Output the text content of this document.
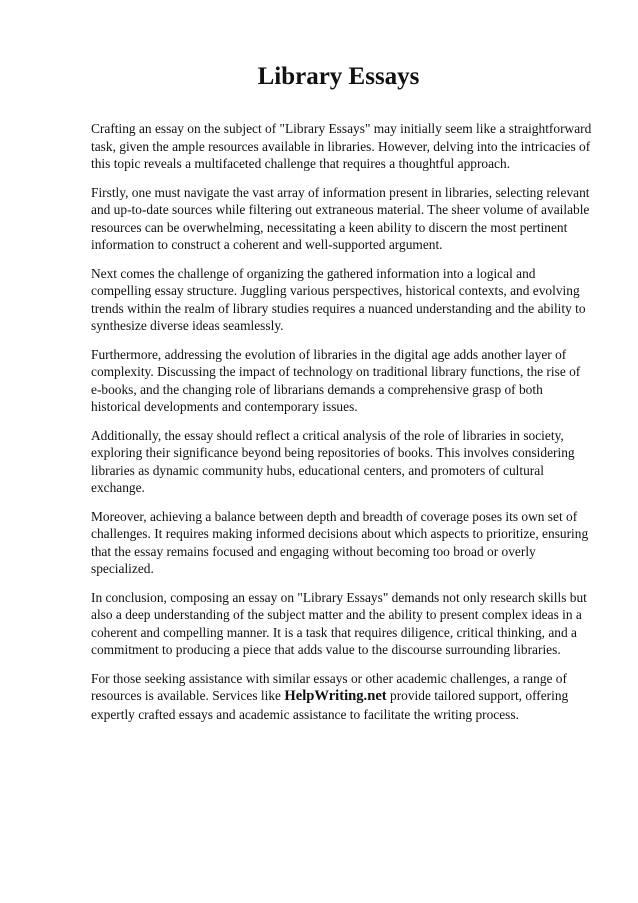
Library Essays

Crafting an essay on the subject of "Library Essays" may initially seem like a straightforward task, given the ample resources available in libraries. However, delving into the intricacies of this topic reveals a multifaceted challenge that requires a thoughtful approach.

Firstly, one must navigate the vast array of information present in libraries, selecting relevant and up-to-date sources while filtering out extraneous material. The sheer volume of available resources can be overwhelming, necessitating a keen ability to discern the most pertinent information to construct a coherent and well-supported argument.

Next comes the challenge of organizing the gathered information into a logical and compelling essay structure. Juggling various perspectives, historical contexts, and evolving trends within the realm of library studies requires a nuanced understanding and the ability to synthesize diverse ideas seamlessly.

Furthermore, addressing the evolution of libraries in the digital age adds another layer of complexity. Discussing the impact of technology on traditional library functions, the rise of e-books, and the changing role of librarians demands a comprehensive grasp of both historical developments and contemporary issues.

Additionally, the essay should reflect a critical analysis of the role of libraries in society, exploring their significance beyond being repositories of books. This involves considering libraries as dynamic community hubs, educational centers, and promoters of cultural exchange.

Moreover, achieving a balance between depth and breadth of coverage poses its own set of challenges. It requires making informed decisions about which aspects to prioritize, ensuring that the essay remains focused and engaging without becoming too broad or overly specialized.

In conclusion, composing an essay on "Library Essays" demands not only research skills but also a deep understanding of the subject matter and the ability to present complex ideas in a coherent and compelling manner. It is a task that requires diligence, critical thinking, and a commitment to producing a piece that adds value to the discourse surrounding libraries.

For those seeking assistance with similar essays or other academic challenges, a range of resources is available. Services like HelpWriting.net provide tailored support, offering expertly crafted essays and academic assistance to facilitate the writing process.
